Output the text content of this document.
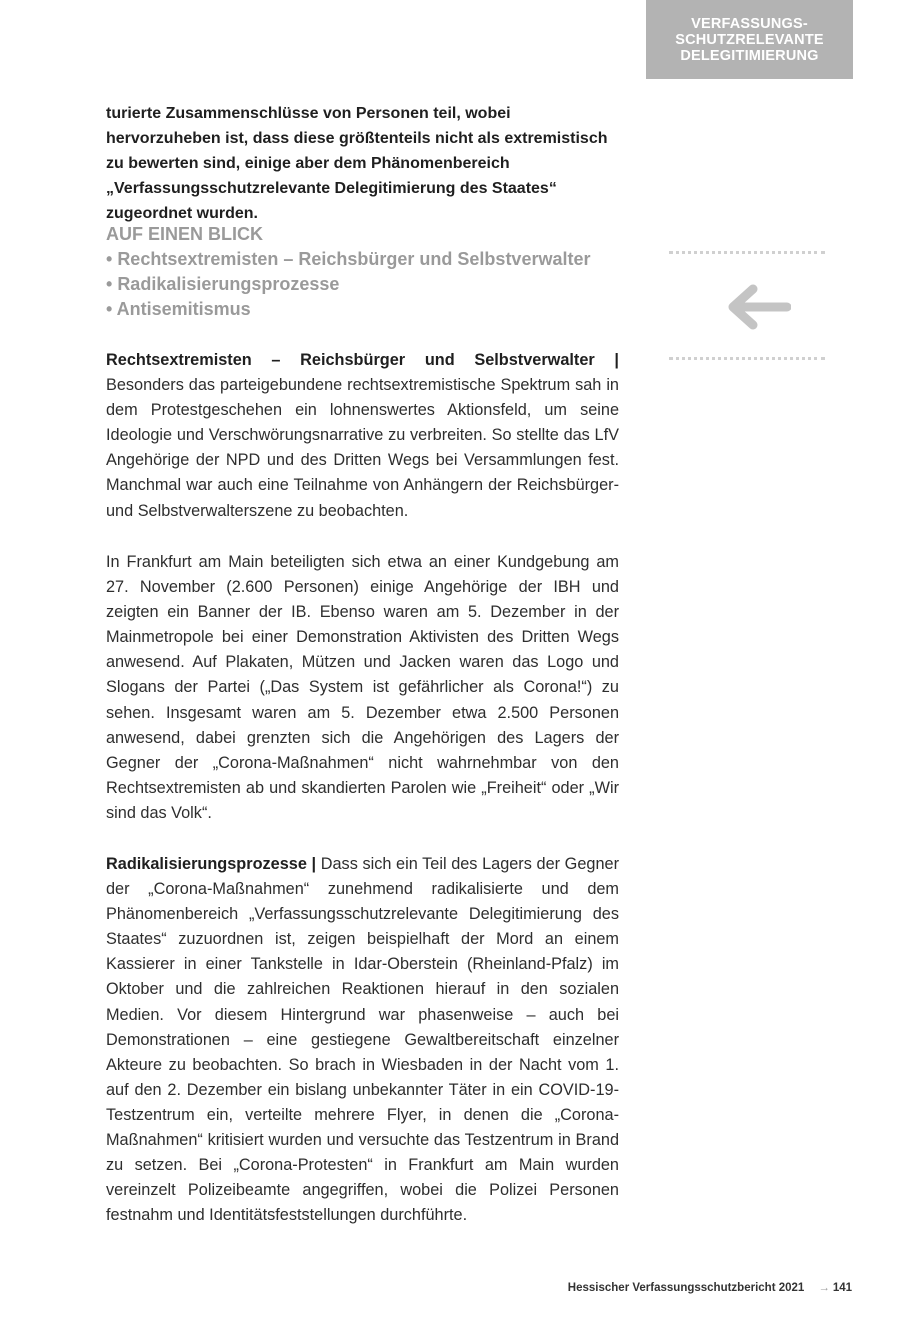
VERFASSUNGS-
SCHUTZRELEVANTE
DELEGITIMIERUNG
turierte Zusammenschlüsse von Personen teil, wobei hervorzuheben ist, dass diese größtenteils nicht als extremistisch zu bewerten sind, einige aber dem Phänomenbereich „Verfassungsschutzrelevante Delegitimierung des Staates“ zugeordnet wurden.
AUF EINEN BLICK
• Rechtsextremisten – Reichsbürger und Selbstverwalter
• Radikalisierungsprozesse
• Antisemitismus

Rechtsextremisten – Reichsbürger und Selbstverwalter | Besonders das parteigebundene rechtsextremistische Spektrum sah in dem Protestgeschehen ein lohnenswertes Aktionsfeld, um seine Ideologie und Verschwörungsnarrative zu verbreiten. So stellte das LfV Angehörige der NPD und des Dritten Wegs bei Versammlungen fest. Manchmal war auch eine Teilnahme von Anhängern der Reichsbürger- und Selbstverwalterszene zu beobachten.

In Frankfurt am Main beteiligten sich etwa an einer Kundgebung am 27. November (2.600 Personen) einige Angehörige der IBH und zeigten ein Banner der IB. Ebenso waren am 5. Dezember in der Mainmetropole bei einer Demonstration Aktivisten des Dritten Wegs anwesend. Auf Plakaten, Mützen und Jacken waren das Logo und Slogans der Partei („Das System ist gefährlicher als Corona!“) zu sehen. Insgesamt waren am 5. Dezember etwa 2.500 Personen anwesend, dabei grenzten sich die Angehörigen des Lagers der Gegner der „Corona-Maßnahmen“ nicht wahrnehmbar von den Rechtsextremisten ab und skandierten Parolen wie „Freiheit“ oder „Wir sind das Volk“.

Radikalisierungsprozesse | Dass sich ein Teil des Lagers der Gegner der „Corona-Maßnahmen“ zunehmend radikalisierte und dem Phänomenbereich „Verfassungsschutzrelevante Delegitimierung des Staates“ zuzuordnen ist, zeigen beispielhaft der Mord an einem Kassierer in einer Tankstelle in Idar-Oberstein (Rheinland-Pfalz) im Oktober und die zahlreichen Reaktionen hierauf in den sozialen Medien. Vor diesem Hintergrund war phasenweise – auch bei Demonstrationen – eine gestiegene Gewaltbereitschaft einzelner Akteure zu beobachten. So brach in Wiesbaden in der Nacht vom 1. auf den 2. Dezember ein bislang unbekannter Täter in ein COVID-19-Testzentrum ein, verteilte mehrere Flyer, in denen die „Corona-Maßnahmen“ kritisiert wurden und versuchte das Testzentrum in Brand zu setzen. Bei „Corona-Protesten“ in Frankfurt am Main wurden vereinzelt Polizeibeamte angegriffen, wobei die Polizei Personen festnahm und Identitätsfeststellungen durchführte.

Hessischer Verfassungsschutzbericht 2021 → 141
